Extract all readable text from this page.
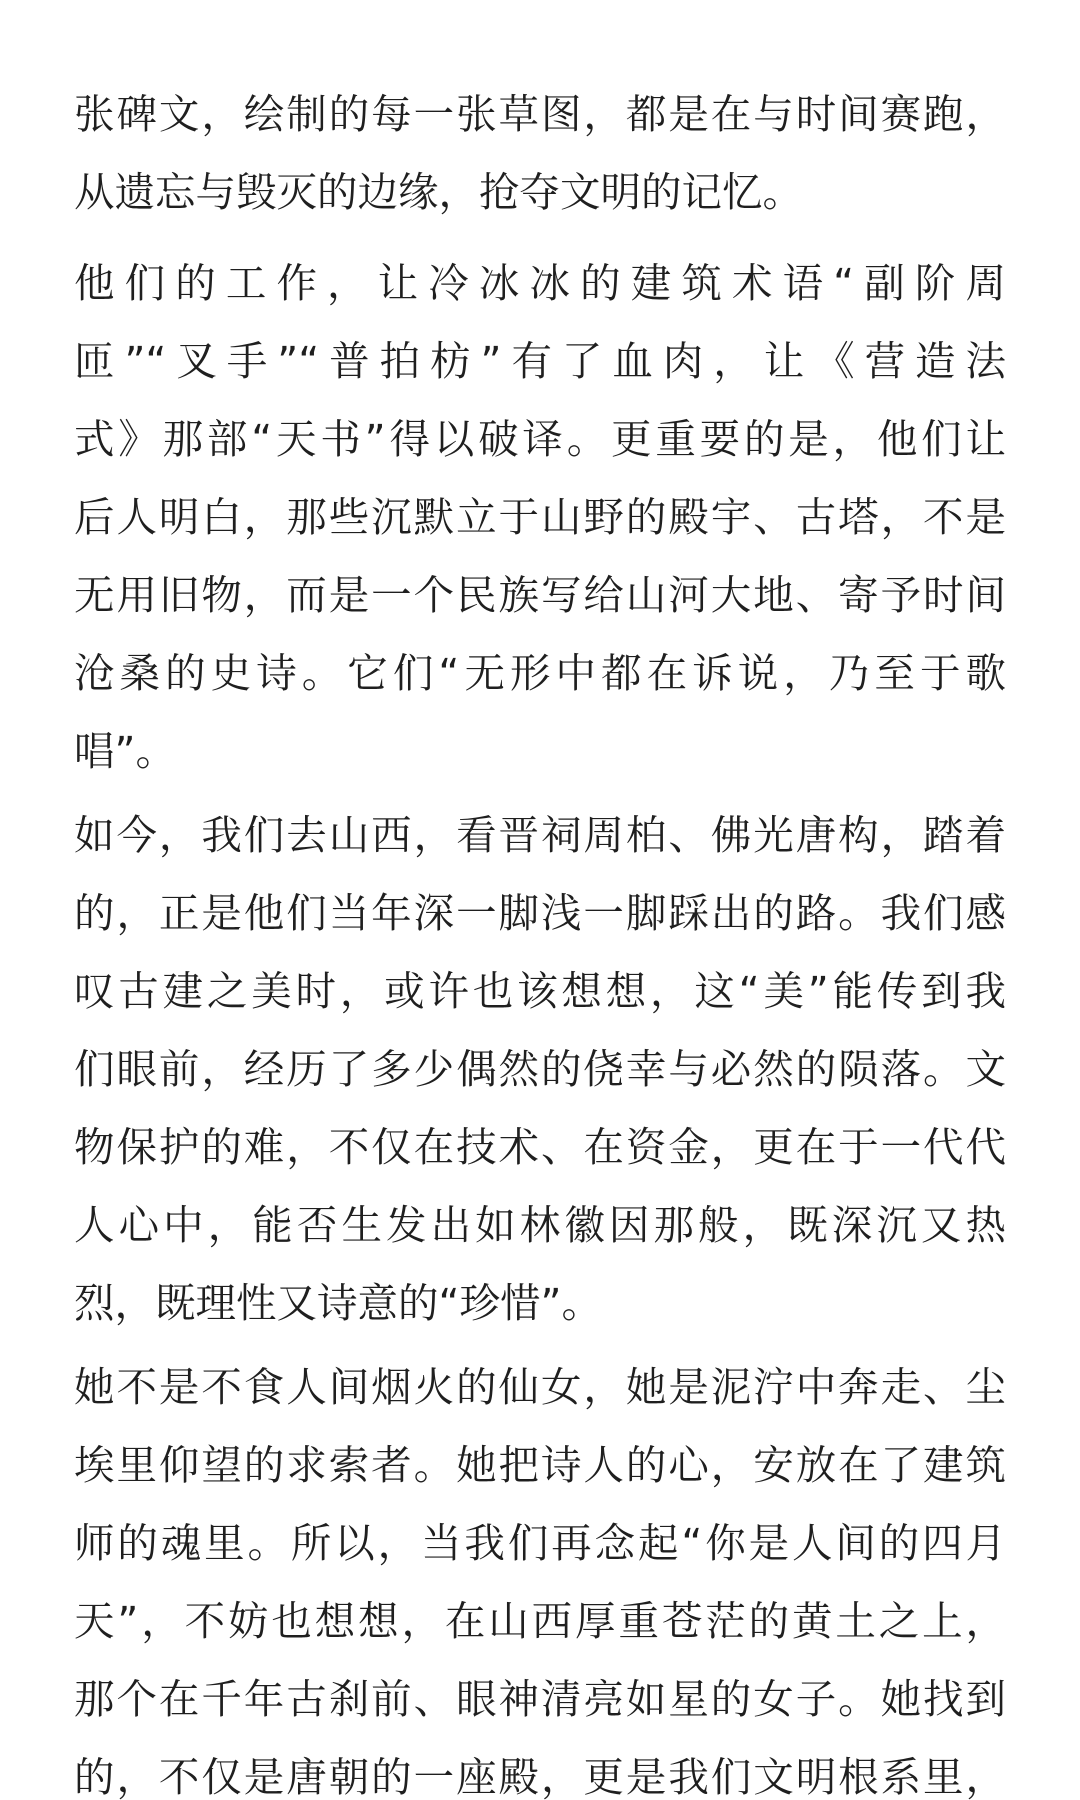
张碑文，绘制的每一张草图，都是在与时间赛跑，
从遗忘与毁灭的边缘，抢夺文明的记忆。
他们的工作，让冷冰冰的建筑术语“副阶周
匝”“叉手”“普拍枋”有了血肉，让《营造法
式》那部“天书”得以破译。更重要的是，他们让
后人明白，那些沉默立于山野的殿宇、古塔，不是
无用旧物，而是一个民族写给山河大地、寄予时间
沧桑的史诗。它们“无形中都在诉说，乃至于歌
唱”。
如今，我们去山西，看晋祠周柏、佛光唐构，踏着
的，正是他们当年深一脚浅一脚踩出的路。我们感
叹古建之美时，或许也该想想，这“美”能传到我
们眼前，经历了多少偶然的侥幸与必然的陨落。文
物保护的难，不仅在技术、在资金，更在于一代代
人心中，能否生发出如林徽因那般，既深沉又热
烈，既理性又诗意的“珍惜”。
她不是不食人间烟火的仙女，她是泥泞中奔走、尘
埃里仰望的求索者。她把诗人的心，安放在了建筑
师的魂里。所以，当我们再念起“你是人间的四月
天”，不妨也想想，在山西厚重苍茫的黄土之上，
那个在千年古刹前、眼神清亮如星的女子。她找到
的，不仅是唐朝的一座殿，更是我们文明根系里，
